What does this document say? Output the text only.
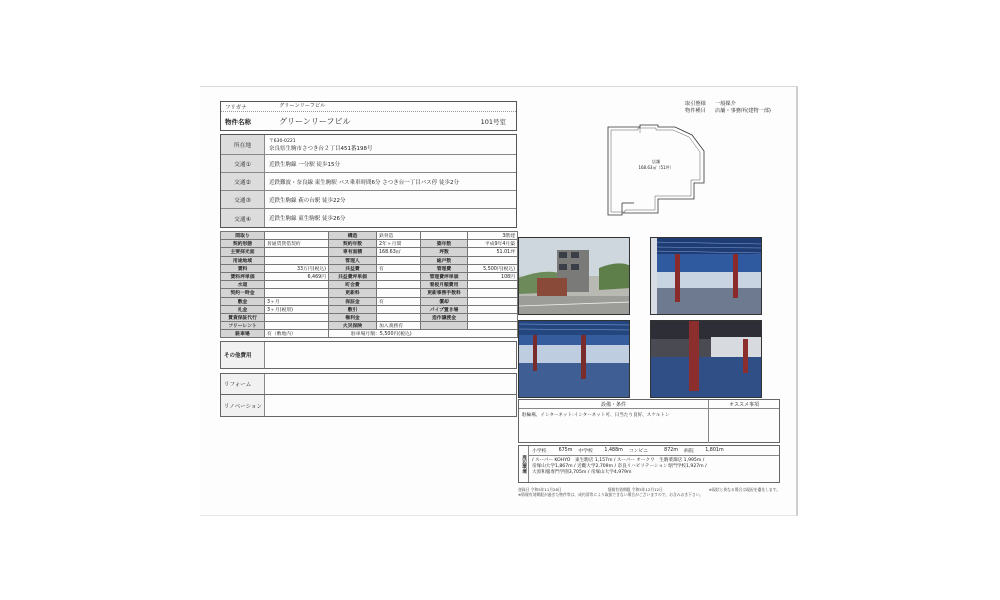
フリガナ	グリーンリーフビル
物件名称	グリーンリーフビル	101号室
所在地
〒630-0221
奈良県生駒市さつき台２丁目451番198号
交通①	近鉄生駒線 一分駅 徒歩15分
交通②	近鉄難波・奈良線 東生駒駅 バス乗車時間6分 さつき台一丁目バス停 徒歩2分
交通③	近鉄生駒線 萩の台駅 徒歩22分
交通④	近鉄生駒線 東生駒駅 徒歩26分
間取り		構造	鉄骨造		3階建
契約形態	普通賃貸借契約	契約年数	2年ヶ月間	築年数	平成9年4月築
主要採光面		専有面積	168.63㎡	坪数	51.01坪
用途地域		管理人		総戸数	
賃料	33万円(税込)	共益費	有	管理費	5,500円(税込)
賃料坪単価	6,469円	共益費坪単価		管理費坪単価	108円
水道		町会費		看板月額費用	
契約一時金		更新料		更新事務手数料	
敷金	3ヶ月	保証金	有	償却	
礼金	3ヶ月(税別)	敷引		パイプ置き場	
賃貸保証代行		権利金		造作譲渡金	
フリーレント		火災保険	加入義務有		
駐車場	有（敷地内）	駐車場月額：5,500円(税込)			
その他費用
リフォーム
リノベーション
取引態様 一般媒介
物件種目 店舗・事務所(建物一部)
店舗
168.63㎡（51坪）
設備・条件	オススメ事項
駐輪場、インターネット:インターネット可、日当たり良好、スケルトン
周辺環境
小学校	675m	中学校	1,488m	コンビニ	872m	病院	1,801m
/ スーパー KOHYO　東生駒店 1,157m / スーパー オークワ　生駒菜畑店 1,995m /
帝塚山大学1,867m / 近畿大学2,709m / 奈良リハビリテーション専門学校1,927m /
大原和服専門学園3,705m / 帝塚山大学4,979m
登録日 令和5年11月28日	情報有効期限 令和5年12月12日	※現状と異なる場合は現況を優先します。
※情報有効期限が過ぎた物件等は、成約済等により取扱できない場合がございますので、お含みおき下さい。
